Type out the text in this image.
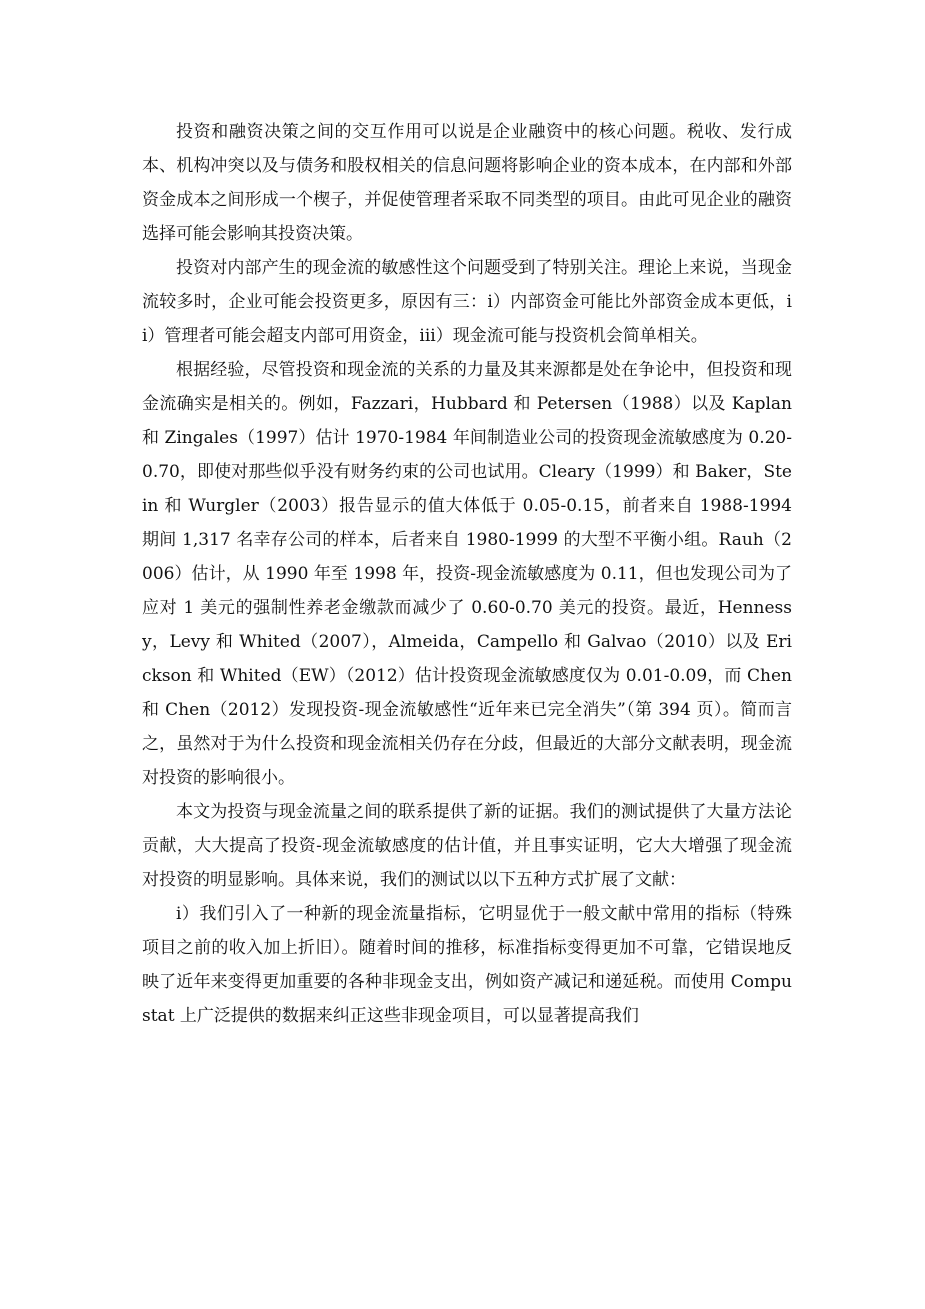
投资和融资决策之间的交互作用可以说是企业融资中的核心问题。税收、发行成本、机构冲突以及与债务和股权相关的信息问题将影响企业的资本成本，在内部和外部资金成本之间形成一个楔子，并促使管理者采取不同类型的项目。由此可见企业的融资选择可能会影响其投资决策。

投资对内部产生的现金流的敏感性这个问题受到了特别关注。理论上来说，当现金流较多时，企业可能会投资更多，原因有三：i）内部资金可能比外部资金成本更低，ii）管理者可能会超支内部可用资金，iii）现金流可能与投资机会简单相关。

根据经验，尽管投资和现金流的关系的力量及其来源都是处在争论中，但投资和现金流确实是相关的。例如，Fazzari，Hubbard 和 Petersen（1988）以及 Kaplan 和 Zingales（1997）估计 1970-1984 年间制造业公司的投资现金流敏感度为 0.20-0.70，即使对那些似乎没有财务约束的公司也试用。Cleary（1999）和 Baker，Stein 和 Wurgler（2003）报告显示的值大体低于 0.05-0.15，前者来自 1988-1994 期间 1,317 名幸存公司的样本，后者来自 1980-1999 的大型不平衡小组。Rauh（2006）估计，从 1990 年至 1998 年，投资-现金流敏感度为 0.11，但也发现公司为了应对 1 美元的强制性养老金缴款而减少了 0.60-0.70 美元的投资。最近，Hennessy，Levy 和 Whited（2007），Almeida，Campello 和 Galvao（2010）以及 Erickson 和 Whited（EW）（2012）估计投资现金流敏感度仅为 0.01-0.09，而 Chen 和 Chen（2012）发现投资-现金流敏感性“近年来已完全消失”（第 394 页）。简而言之，虽然对于为什么投资和现金流相关仍存在分歧，但最近的大部分文献表明，现金流对投资的影响很小。

本文为投资与现金流量之间的联系提供了新的证据。我们的测试提供了大量方法论贡献，大大提高了投资-现金流敏感度的估计值，并且事实证明，它大大增强了现金流对投资的明显影响。具体来说，我们的测试以以下五种方式扩展了文献：

i）我们引入了一种新的现金流量指标，它明显优于一般文献中常用的指标（特殊项目之前的收入加上折旧）。随着时间的推移，标准指标变得更加不可靠，它错误地反映了近年来变得更加重要的各种非现金支出，例如资产减记和递延税。而使用 Compustat 上广泛提供的数据来纠正这些非现金项目，可以显著提高我们
